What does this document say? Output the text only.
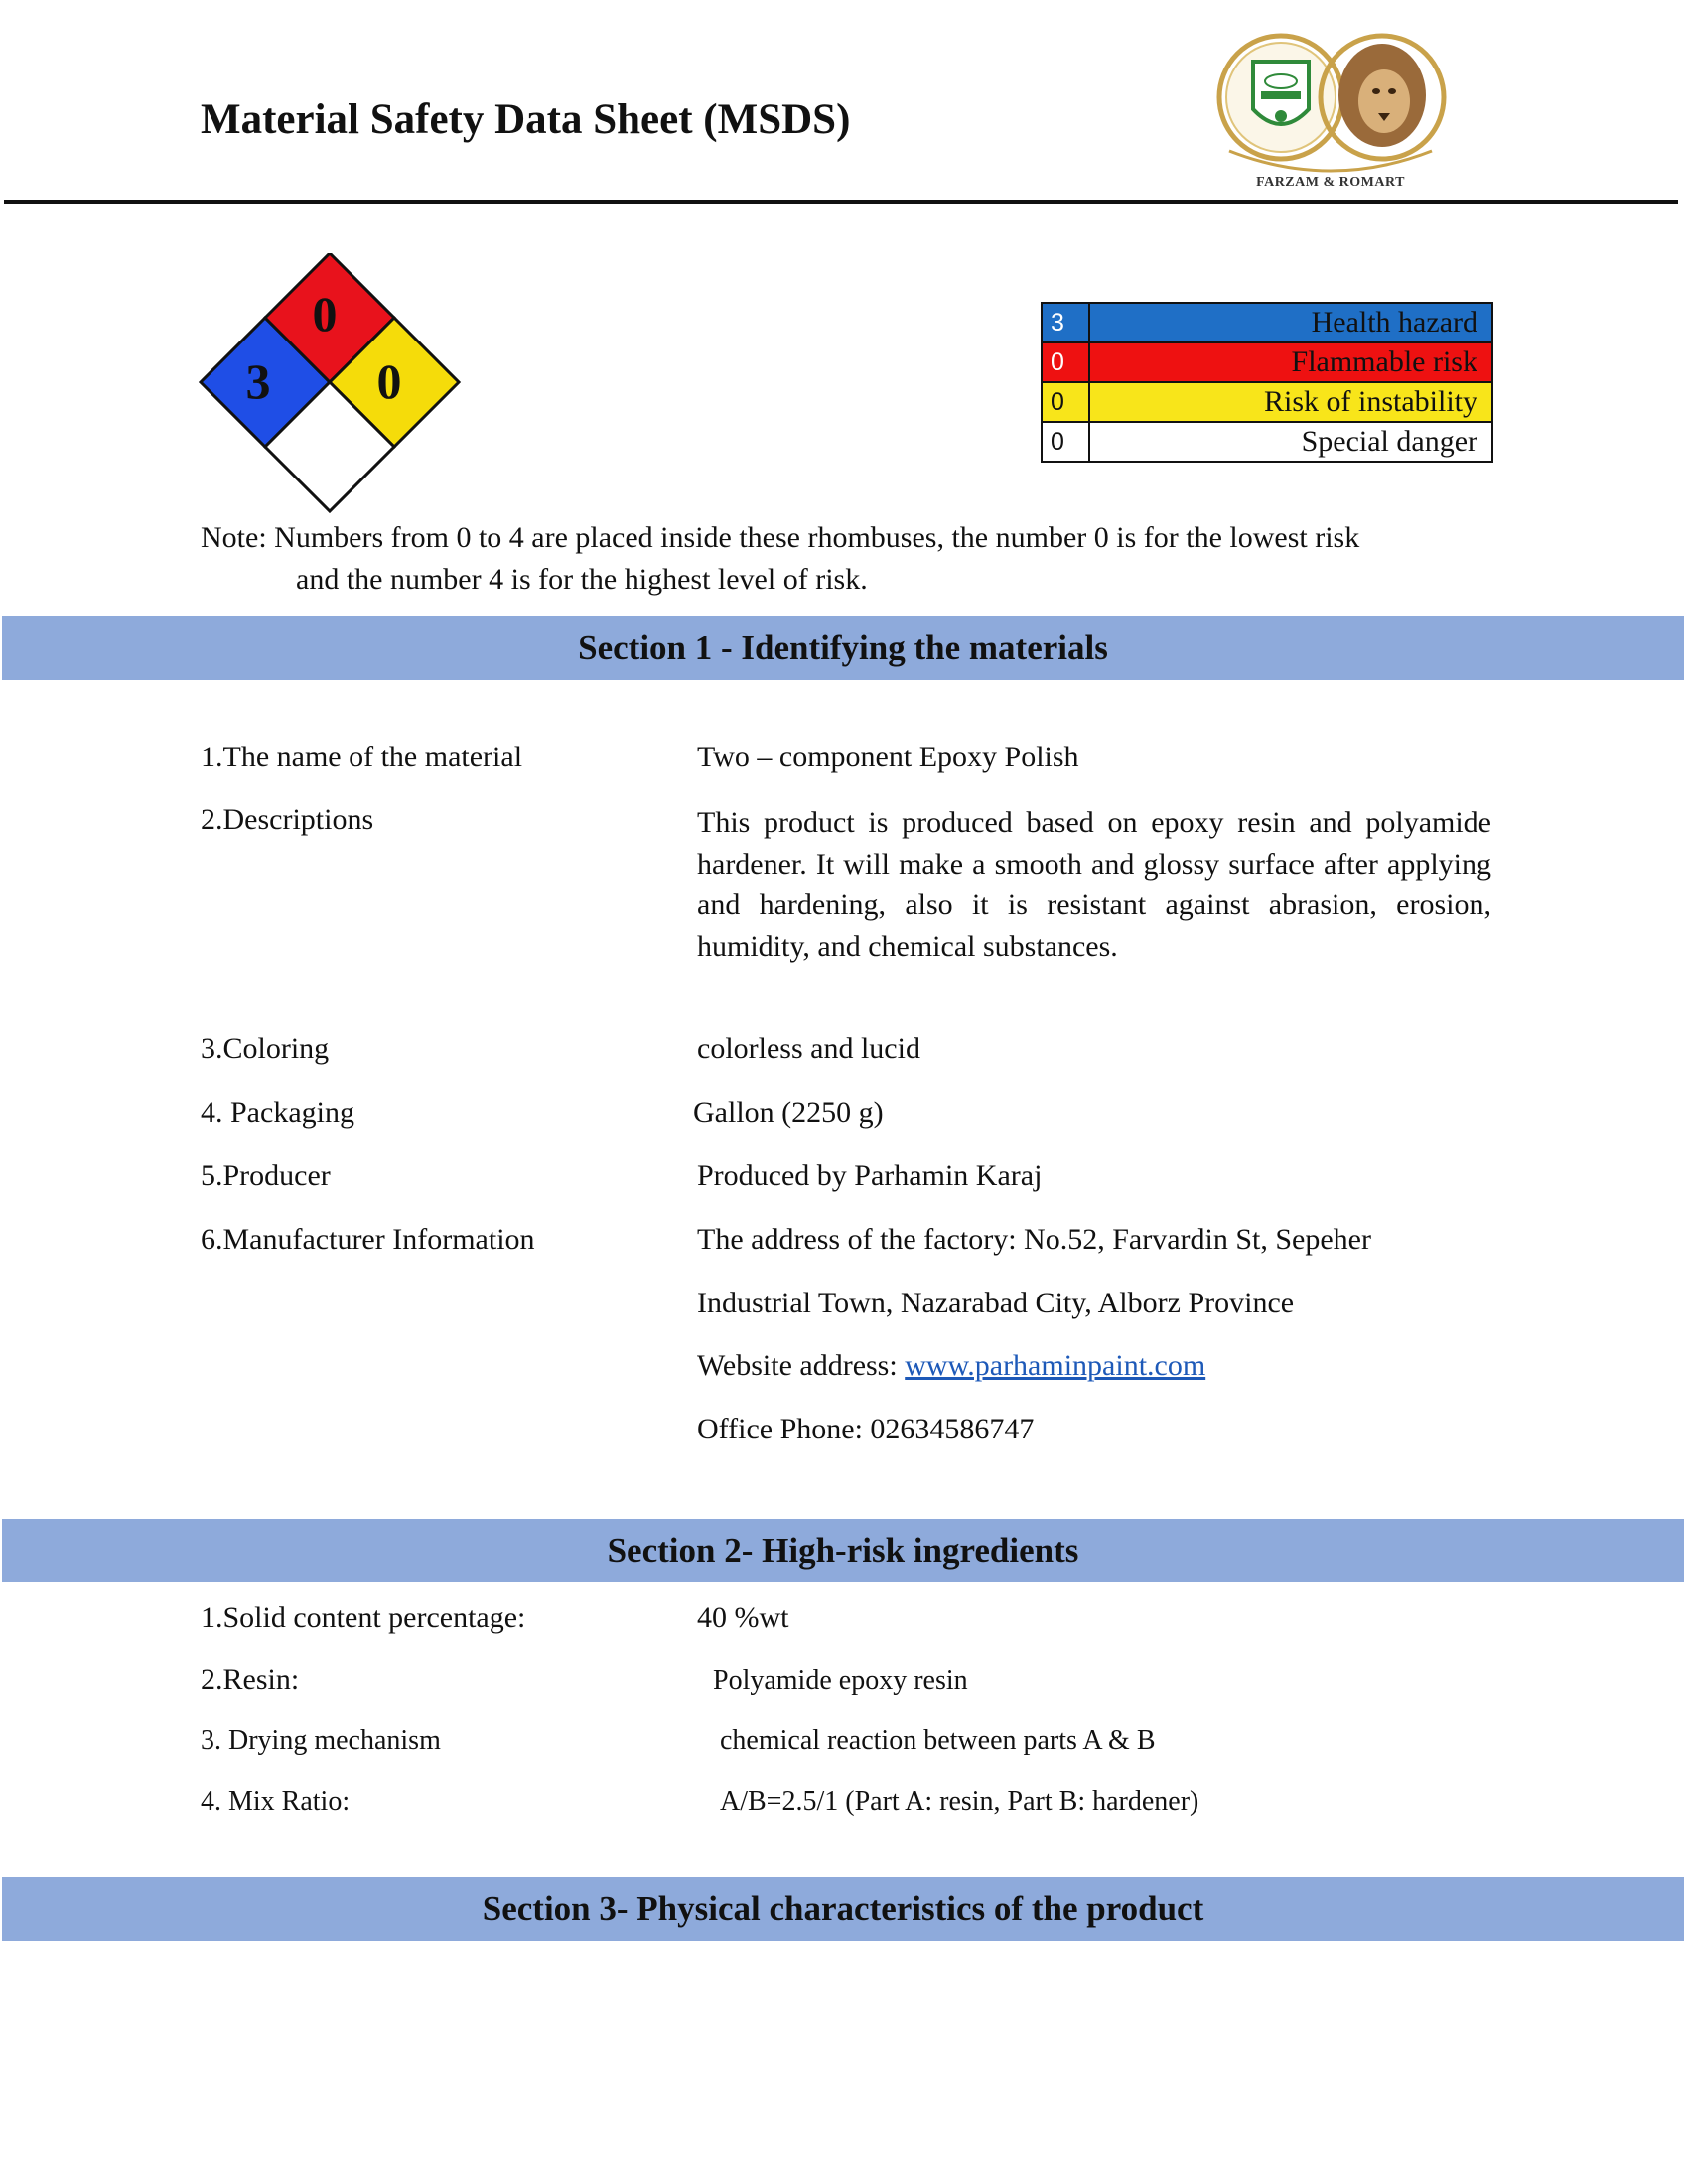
Material Safety Data Sheet (MSDS)
FARZAM & ROMART
3
0
0
3	Health hazard
0	Flammable risk
0	Risk of instability
0	Special danger
Note: Numbers from 0 to 4 are placed inside these rhombuses, the number 0 is for the lowest risk
and the number 4 is for the highest level of risk.
Section 1 - Identifying the materials
1.The name of the material	Two – component Epoxy Polish
2.Descriptions	This product is produced based on epoxy resin and polyamide hardener. It will make a smooth and glossy surface after applying and hardening, also it is resistant against abrasion, erosion, humidity, and chemical substances.
3.Coloring	colorless and lucid
4. Packaging	Gallon (2250 g)
5.Producer	Produced by Parhamin Karaj
6.Manufacturer Information	The address of the factory: No.52, Farvardin St, Sepeher
Industrial Town, Nazarabad City, Alborz Province
Website address: www.parhaminpaint.com
Office Phone: 02634586747
Section 2- High-risk ingredients
1.Solid content percentage:	40 %wt
2.Resin:	Polyamide epoxy resin
3. Drying mechanism	chemical reaction between parts A & B
4. Mix Ratio:	A/B=2.5/1 (Part A: resin, Part B: hardener)
Section 3- Physical characteristics of the product
